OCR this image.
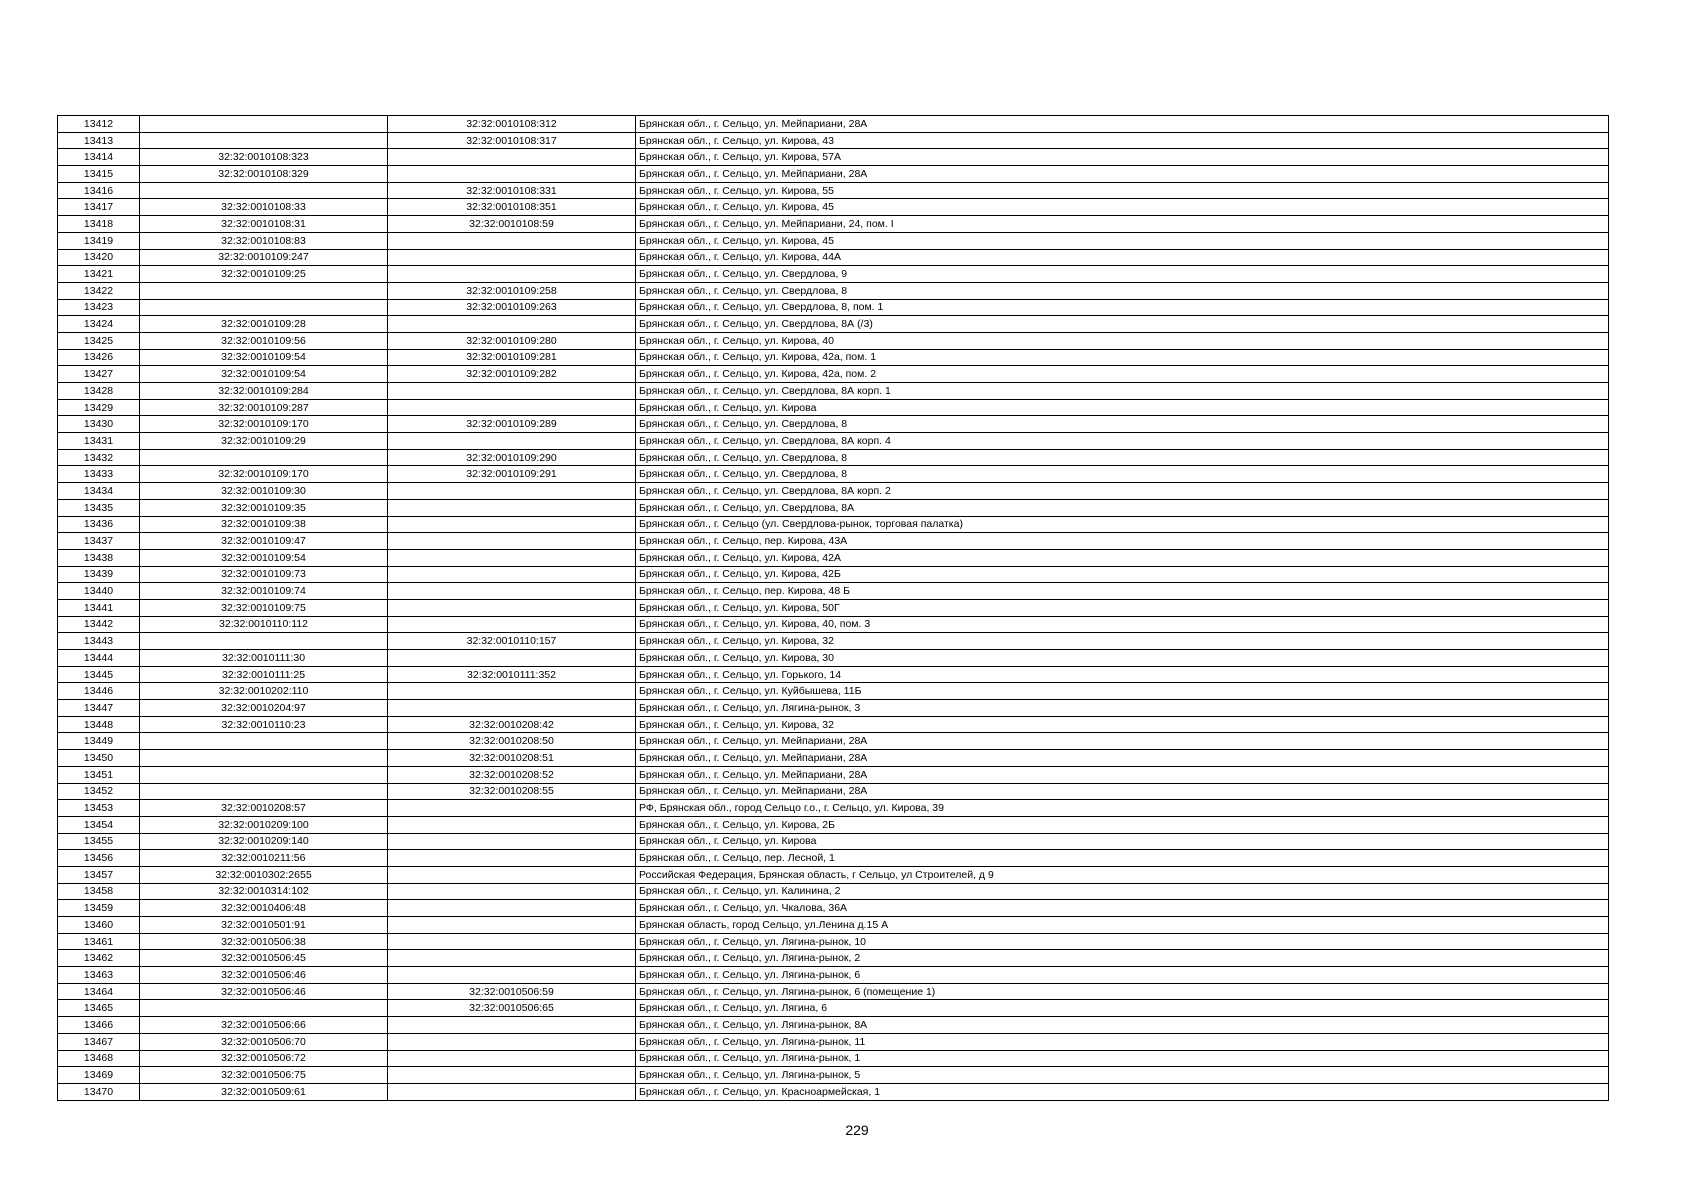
13412		32:32:0010108:312	Брянская обл., г. Сельцо, ул. Мейпариани, 28А
13413		32:32:0010108:317	Брянская обл., г. Сельцо, ул. Кирова, 43
13414	32:32:0010108:323		Брянская обл., г. Сельцо, ул. Кирова, 57А
13415	32:32:0010108:329		Брянская обл., г. Сельцо, ул. Мейпариани, 28А
13416		32:32:0010108:331	Брянская обл., г. Сельцо, ул. Кирова, 55
13417	32:32:0010108:33	32:32:0010108:351	Брянская обл., г. Сельцо, ул. Кирова, 45
13418	32:32:0010108:31	32:32:0010108:59	Брянская обл., г. Сельцо, ул. Мейпариани, 24, пом. I
13419	32:32:0010108:83		Брянская обл., г. Сельцо, ул. Кирова, 45
13420	32:32:0010109:247		Брянская обл., г. Сельцо, ул. Кирова, 44А
13421	32:32:0010109:25		Брянская обл., г. Сельцо, ул. Свердлова, 9
13422		32:32:0010109:258	Брянская обл., г. Сельцо, ул. Свердлова, 8
13423		32:32:0010109:263	Брянская обл., г. Сельцо, ул. Свердлова, 8, пом. 1
13424	32:32:0010109:28		Брянская обл., г. Сельцо, ул. Свердлова, 8А (/3)
13425	32:32:0010109:56	32:32:0010109:280	Брянская обл., г. Сельцо, ул. Кирова, 40
13426	32:32:0010109:54	32:32:0010109:281	Брянская обл., г. Сельцо, ул. Кирова, 42а, пом. 1
13427	32:32:0010109:54	32:32:0010109:282	Брянская обл., г. Сельцо, ул. Кирова, 42а, пом. 2
13428	32:32:0010109:284		Брянская обл., г. Сельцо, ул. Свердлова, 8А корп. 1
13429	32:32:0010109:287		Брянская обл., г. Сельцо, ул. Кирова
13430	32:32:0010109:170	32:32:0010109:289	Брянская обл., г. Сельцо, ул. Свердлова, 8
13431	32:32:0010109:29		Брянская обл., г. Сельцо, ул. Свердлова, 8А корп. 4
13432		32:32:0010109:290	Брянская обл., г. Сельцо, ул. Свердлова, 8
13433	32:32:0010109:170	32:32:0010109:291	Брянская обл., г. Сельцо, ул. Свердлова, 8
13434	32:32:0010109:30		Брянская обл., г. Сельцо, ул. Свердлова, 8А корп. 2
13435	32:32:0010109:35		Брянская обл., г. Сельцо, ул. Свердлова, 8А
13436	32:32:0010109:38		Брянская обл., г. Сельцо (ул. Свердлова-рынок, торговая палатка)
13437	32:32:0010109:47		Брянская обл., г. Сельцо, пер. Кирова, 43А
13438	32:32:0010109:54		Брянская обл., г. Сельцо, ул. Кирова, 42А
13439	32:32:0010109:73		Брянская обл., г. Сельцо, ул. Кирова, 42Б
13440	32:32:0010109:74		Брянская обл., г. Сельцо, пер. Кирова, 48 Б
13441	32:32:0010109:75		Брянская обл., г. Сельцо, ул. Кирова, 50Г
13442	32:32:0010110:112		Брянская обл., г. Сельцо, ул. Кирова, 40, пом. 3
13443		32:32:0010110:157	Брянская обл., г. Сельцо, ул. Кирова, 32
13444	32:32:0010111:30		Брянская обл., г. Сельцо, ул. Кирова, 30
13445	32:32:0010111:25	32:32:0010111:352	Брянская обл., г. Сельцо, ул. Горького, 14
13446	32:32:0010202:110		Брянская обл., г. Сельцо, ул. Куйбышева, 11Б
13447	32:32:0010204:97		Брянская обл., г. Сельцо, ул. Лягина-рынок, 3
13448	32:32:0010110:23	32:32:0010208:42	Брянская обл., г. Сельцо, ул. Кирова, 32
13449		32:32:0010208:50	Брянская обл., г. Сельцо, ул. Мейпариани, 28А
13450		32:32:0010208:51	Брянская обл., г. Сельцо, ул. Мейпариани, 28А
13451		32:32:0010208:52	Брянская обл., г. Сельцо, ул. Мейпариани, 28А
13452		32:32:0010208:55	Брянская обл., г. Сельцо, ул. Мейпариани, 28А
13453	32:32:0010208:57		РФ, Брянская обл., город Сельцо г.о., г. Сельцо, ул. Кирова, 39
13454	32:32:0010209:100		Брянская обл., г. Сельцо, ул. Кирова, 2Б
13455	32:32:0010209:140		Брянская обл., г. Сельцо, ул. Кирова
13456	32:32:0010211:56		Брянская обл., г. Сельцо, пер. Лесной, 1
13457	32:32:0010302:2655		Российская Федерация, Брянская область, г Сельцо, ул Строителей, д 9
13458	32:32:0010314:102		Брянская обл., г. Сельцо, ул. Калинина, 2
13459	32:32:0010406:48		Брянская обл., г. Сельцо, ул. Чкалова, 36А
13460	32:32:0010501:91		Брянская область, город Сельцо, ул.Ленина д.15 А
13461	32:32:0010506:38		Брянская обл., г. Сельцо, ул. Лягина-рынок, 10
13462	32:32:0010506:45		Брянская обл., г. Сельцо, ул. Лягина-рынок, 2
13463	32:32:0010506:46		Брянская обл., г. Сельцо, ул. Лягина-рынок, 6
13464	32:32:0010506:46	32:32:0010506:59	Брянская обл., г. Сельцо, ул. Лягина-рынок, 6 (помещение 1)
13465		32:32:0010506:65	Брянская обл., г. Сельцо, ул. Лягина, 6
13466	32:32:0010506:66		Брянская обл., г. Сельцо, ул. Лягина-рынок, 8А
13467	32:32:0010506:70		Брянская обл., г. Сельцо, ул. Лягина-рынок, 11
13468	32:32:0010506:72		Брянская обл., г. Сельцо, ул. Лягина-рынок, 1
13469	32:32:0010506:75		Брянская обл., г. Сельцо, ул. Лягина-рынок, 5
13470	32:32:0010509:61		Брянская обл., г. Сельцо, ул. Красноармейская, 1
229
